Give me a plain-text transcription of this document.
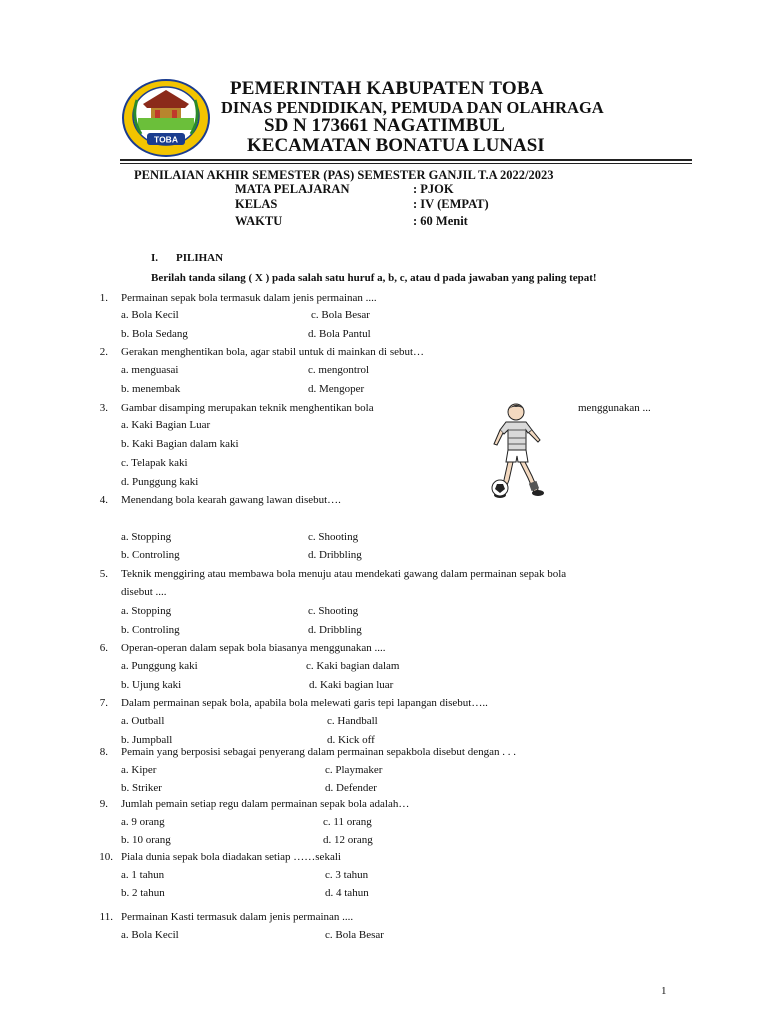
TOBA
PEMERINTAH KABUPATEN TOBA
DINAS PENDIDIKAN, PEMUDA DAN OLAHRAGA
SD N 173661 NAGATIMBUL
KECAMATAN BONATUA LUNASI
PENILAIAN AKHIR SEMESTER (PAS) SEMESTER GANJIL T.A 2022/2023
MATA PELAJARAN	: PJOK
KELAS	: IV (EMPAT)
WAKTU	: 60 Menit
I. PILIHAN
Berilah tanda silang ( X ) pada salah satu huruf a, b, c, atau d pada jawaban yang paling tepat!
1. Permainan sepak bola termasuk dalam jenis permainan ....
a. Bola Kecil	c. Bola Besar
b. Bola Sedang	d. Bola Pantul
2. Gerakan menghentikan bola, agar stabil untuk di mainkan di sebut…
a. menguasai	c. mengontrol
b. menembak	d. Mengoper
3. Gambar disamping merupakan teknik menghentikan bola	menggunakan ...
a. Kaki Bagian Luar
b. Kaki Bagian dalam kaki
c. Telapak kaki
d. Punggung kaki
4. Menendang bola kearah gawang lawan disebut….
a. Stopping	c. Shooting
b. Controling	d. Dribbling
5. Teknik menggiring atau membawa bola menuju atau mendekati gawang dalam permainan sepak bola
disebut ....
a. Stopping	c. Shooting
b. Controling	d. Dribbling
6. Operan-operan dalam sepak bola biasanya menggunakan ....
a. Punggung kaki	c. Kaki bagian dalam
b. Ujung kaki	d. Kaki bagian luar
7. Dalam permainan sepak bola, apabila bola melewati garis tepi lapangan disebut…..
a. Outball	c. Handball
b. Jumpball	d. Kick off
8. Pemain yang berposisi sebagai penyerang dalam permainan sepakbola disebut dengan . . .
a. Kiper	c. Playmaker
b. Striker	d. Defender
9. Jumlah pemain setiap regu dalam permainan sepak bola adalah…
a. 9 orang	c. 11 orang
b. 10 orang	d. 12 orang
10. Piala dunia sepak bola diadakan setiap ……sekali
a. 1 tahun	c. 3 tahun
b. 2 tahun	d. 4 tahun
11. Permainan Kasti termasuk dalam jenis permainan ....
a. Bola Kecil	c. Bola Besar
1
